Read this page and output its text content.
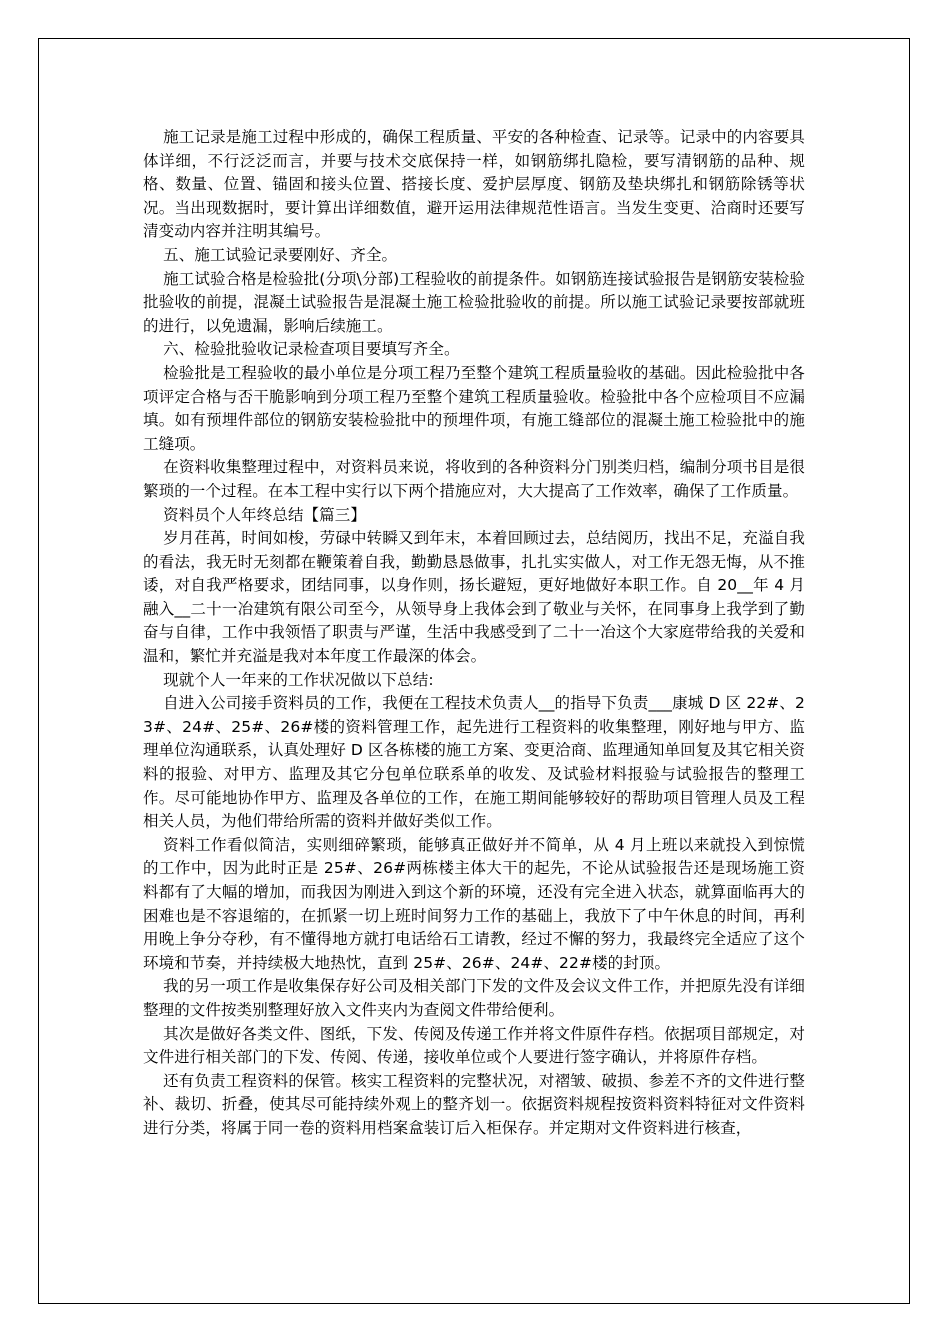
施工记录是施工过程中形成的，确保工程质量、平安的各种检查、记录等。记录中的内容要具体详细，不行泛泛而言，并要与技术交底保持一样，如钢筋绑扎隐检，要写清钢筋的品种、规格、数量、位置、锚固和接头位置、搭接长度、爱护层厚度、钢筋及垫块绑扎和钢筋除锈等状况。当出现数据时，要计算出详细数值，避开运用法律规范性语言。当发生变更、洽商时还要写清变动内容并注明其编号。

五、施工试验记录要刚好、齐全。

施工试验合格是检验批(分项\分部)工程验收的前提条件。如钢筋连接试验报告是钢筋安装检验批验收的前提，混凝土试验报告是混凝土施工检验批验收的前提。所以施工试验记录要按部就班的进行，以免遗漏，影响后续施工。

六、检验批验收记录检查项目要填写齐全。

检验批是工程验收的最小单位是分项工程乃至整个建筑工程质量验收的基础。因此检验批中各项评定合格与否干脆影响到分项工程乃至整个建筑工程质量验收。检验批中各个应检项目不应漏填。如有预埋件部位的钢筋安装检验批中的预埋件项，有施工缝部位的混凝土施工检验批中的施工缝项。

在资料收集整理过程中，对资料员来说，将收到的各种资料分门别类归档，编制分项书目是很繁琐的一个过程。在本工程中实行以下两个措施应对，大大提高了工作效率，确保了工作质量。

资料员个人年终总结【篇三】

岁月荏苒，时间如梭，劳碌中转瞬又到年末，本着回顾过去，总结阅历，找出不足，充溢自我的看法，我无时无刻都在鞭策着自我，勤勤恳恳做事，扎扎实实做人，对工作无怨无悔，从不推诿，对自我严格要求，团结同事，以身作则，扬长避短，更好地做好本职工作。自 20__年 4 月融入__二十一冶建筑有限公司至今，从领导身上我体会到了敬业与关怀，在同事身上我学到了勤奋与自律，工作中我领悟了职责与严谨，生活中我感受到了二十一冶这个大家庭带给我的关爱和温和，繁忙并充溢是我对本年度工作最深的体会。

现就个人一年来的工作状况做以下总结:

自进入公司接手资料员的工作，我便在工程技术负责人__的指导下负责___康城 D 区 22#、23#、24#、25#、26#楼的资料管理工作，起先进行工程资料的收集整理，刚好地与甲方、监理单位沟通联系，认真处理好 D 区各栋楼的施工方案、变更洽商、监理通知单回复及其它相关资料的报验、对甲方、监理及其它分包单位联系单的收发、及试验材料报验与试验报告的整理工作。尽可能地协作甲方、监理及各单位的工作，在施工期间能够较好的帮助项目管理人员及工程相关人员，为他们带给所需的资料并做好类似工作。

资料工作看似简洁，实则细碎繁琐，能够真正做好并不简单，从 4 月上班以来就投入到惊慌的工作中，因为此时正是 25#、26#两栋楼主体大干的起先，不论从试验报告还是现场施工资料都有了大幅的增加，而我因为刚进入到这个新的环境，还没有完全进入状态，就算面临再大的困难也是不容退缩的，在抓紧一切上班时间努力工作的基础上，我放下了中午休息的时间，再利用晚上争分夺秒，有不懂得地方就打电话给石工请教，经过不懈的努力，我最终完全适应了这个环境和节奏，并持续极大地热忱，直到 25#、26#、24#、22#楼的封顶。

我的另一项工作是收集保存好公司及相关部门下发的文件及会议文件工作，并把原先没有详细整理的文件按类别整理好放入文件夹内为查阅文件带给便利。

其次是做好各类文件、图纸，下发、传阅及传递工作并将文件原件存档。依据项目部规定，对文件进行相关部门的下发、传阅、传递，接收单位或个人要进行签字确认，并将原件存档。

还有负责工程资料的保管。核实工程资料的完整状况，对褶皱、破损、参差不齐的文件进行整补、裁切、折叠，使其尽可能持续外观上的整齐划一。依据资料规程按资料资料特征对文件资料进行分类，将属于同一卷的资料用档案盒装订后入柜保存。并定期对文件资料进行核查，
